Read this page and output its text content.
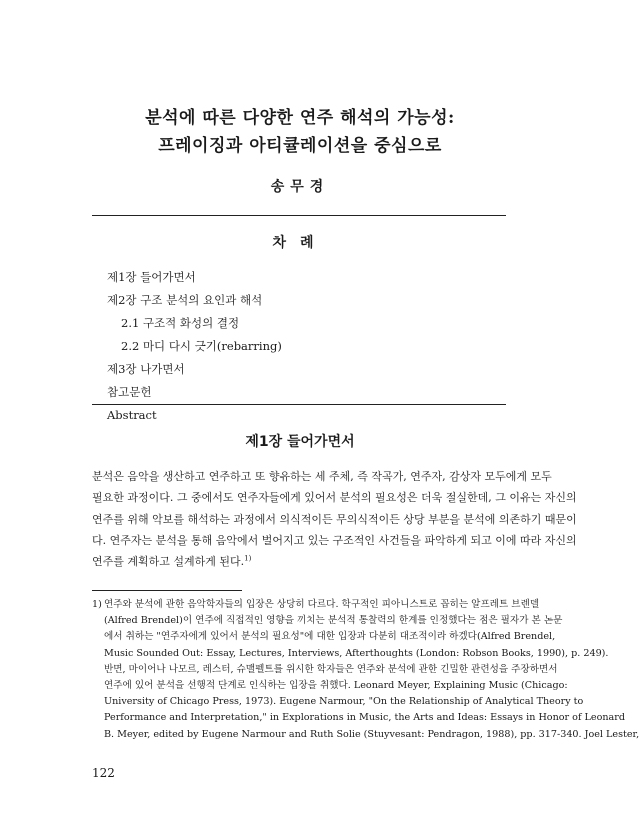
분석에 따른 다양한 연주 해석의 가능성:
프레이징과 아티큘레이션을 중심으로
송무경
차례
제1장 들어가면서
제2장 구조 분석의 요인과 해석
2.1 구조적 화성의 결정
2.2 마디 다시 긋기(rebarring)
제3장 나가면서
참고문헌
Abstract
제1장 들어가면서
분석은 음악을 생산하고 연주하고 또 향유하는 세 주체, 즉 작곡가, 연주자, 감상자 모두에게 모두
필요한 과정이다. 그 중에서도 연주자들에게 있어서 분석의 필요성은 더욱 절실한데, 그 이유는 자신의
연주를 위해 악보를 해석하는 과정에서 의식적이든 무의식적이든 상당 부분을 분석에 의존하기 때문이
다. 연주자는 분석을 통해 음악에서 벌어지고 있는 구조적인 사건들을 파악하게 되고 이에 따라 자신의
연주를 계획하고 설계하게 된다.$^{1)}$
1) 연주와 분석에 관한 음악학자들의 입장은 상당히 다르다. 학구적인 피아니스트로 꼽히는 알프레트 브렌델
(Alfred Brendel)이 연주에 직접적인 영향을 끼치는 분석적 통찰력의 한계를 인정했다는 점은 필자가 본 논문
에서 취하는 "연주자에게 있어서 분석의 필요성"에 대한 입장과 다분히 대조적이라 하겠다(Alfred Brendel,
Music Sounded Out: Essay, Lectures, Interviews, Afterthoughts (London: Robson Books, 1990), p. 249).
반면, 마이어나 나모르, 레스터, 슈맬펠트를 위시한 학자들은 연주와 분석에 관한 긴밀한 관련성을 주장하면서
연주에 있어 분석을 선행적 단계로 인식하는 입장을 취했다. Leonard Meyer, Explaining Music (Chicago:
University of Chicago Press, 1973). Eugene Narmour, "On the Relationship of Analytical Theory to
Performance and Interpretation," in Explorations in Music, the Arts and Ideas: Essays in Honor of Leonard
B. Meyer, edited by Eugene Narmour and Ruth Solie (Stuyvesant: Pendragon, 1988), pp. 317-340. Joel Lester,
122
